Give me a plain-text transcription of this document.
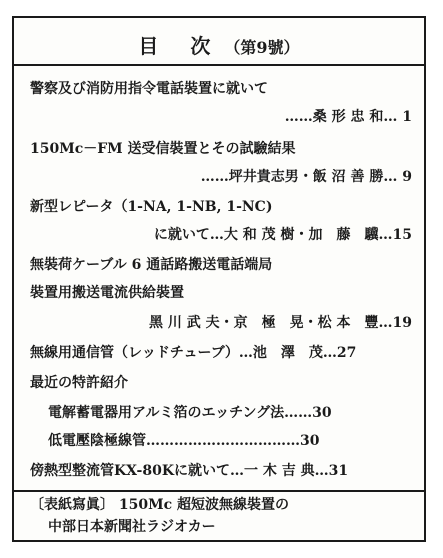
目　次 （第9號）
警察及び消防用指令電話裝置に就いて
……桑 形 忠 和… 1
150Mc－FM 送受信裝置とその試驗結果
……坪井貴志男・飯 沼 善 勝… 9
新型レピータ（1-NA, 1-NB, 1-NC)
に就いて…大 和 茂 樹・加　藤　驥…15
無裝荷ケーブル 6 通話路搬送電話端局
裝置用搬送電流供給裝置
黑 川 武 夫・京　極　晃・松 本　豐…19
無線用通信管（レッドチューブ）…池　澤　茂…27
最近の特許紹介
電解蓄電器用アルミ箔のエッチング法……30
低電壓陰極線管……………………………30
傍熱型整流管KX-80Kに就いて…一 木 吉 典…31
〔表紙寫眞〕 150Mc 超短波無線裝置の
中部日本新聞社ラジオカー
